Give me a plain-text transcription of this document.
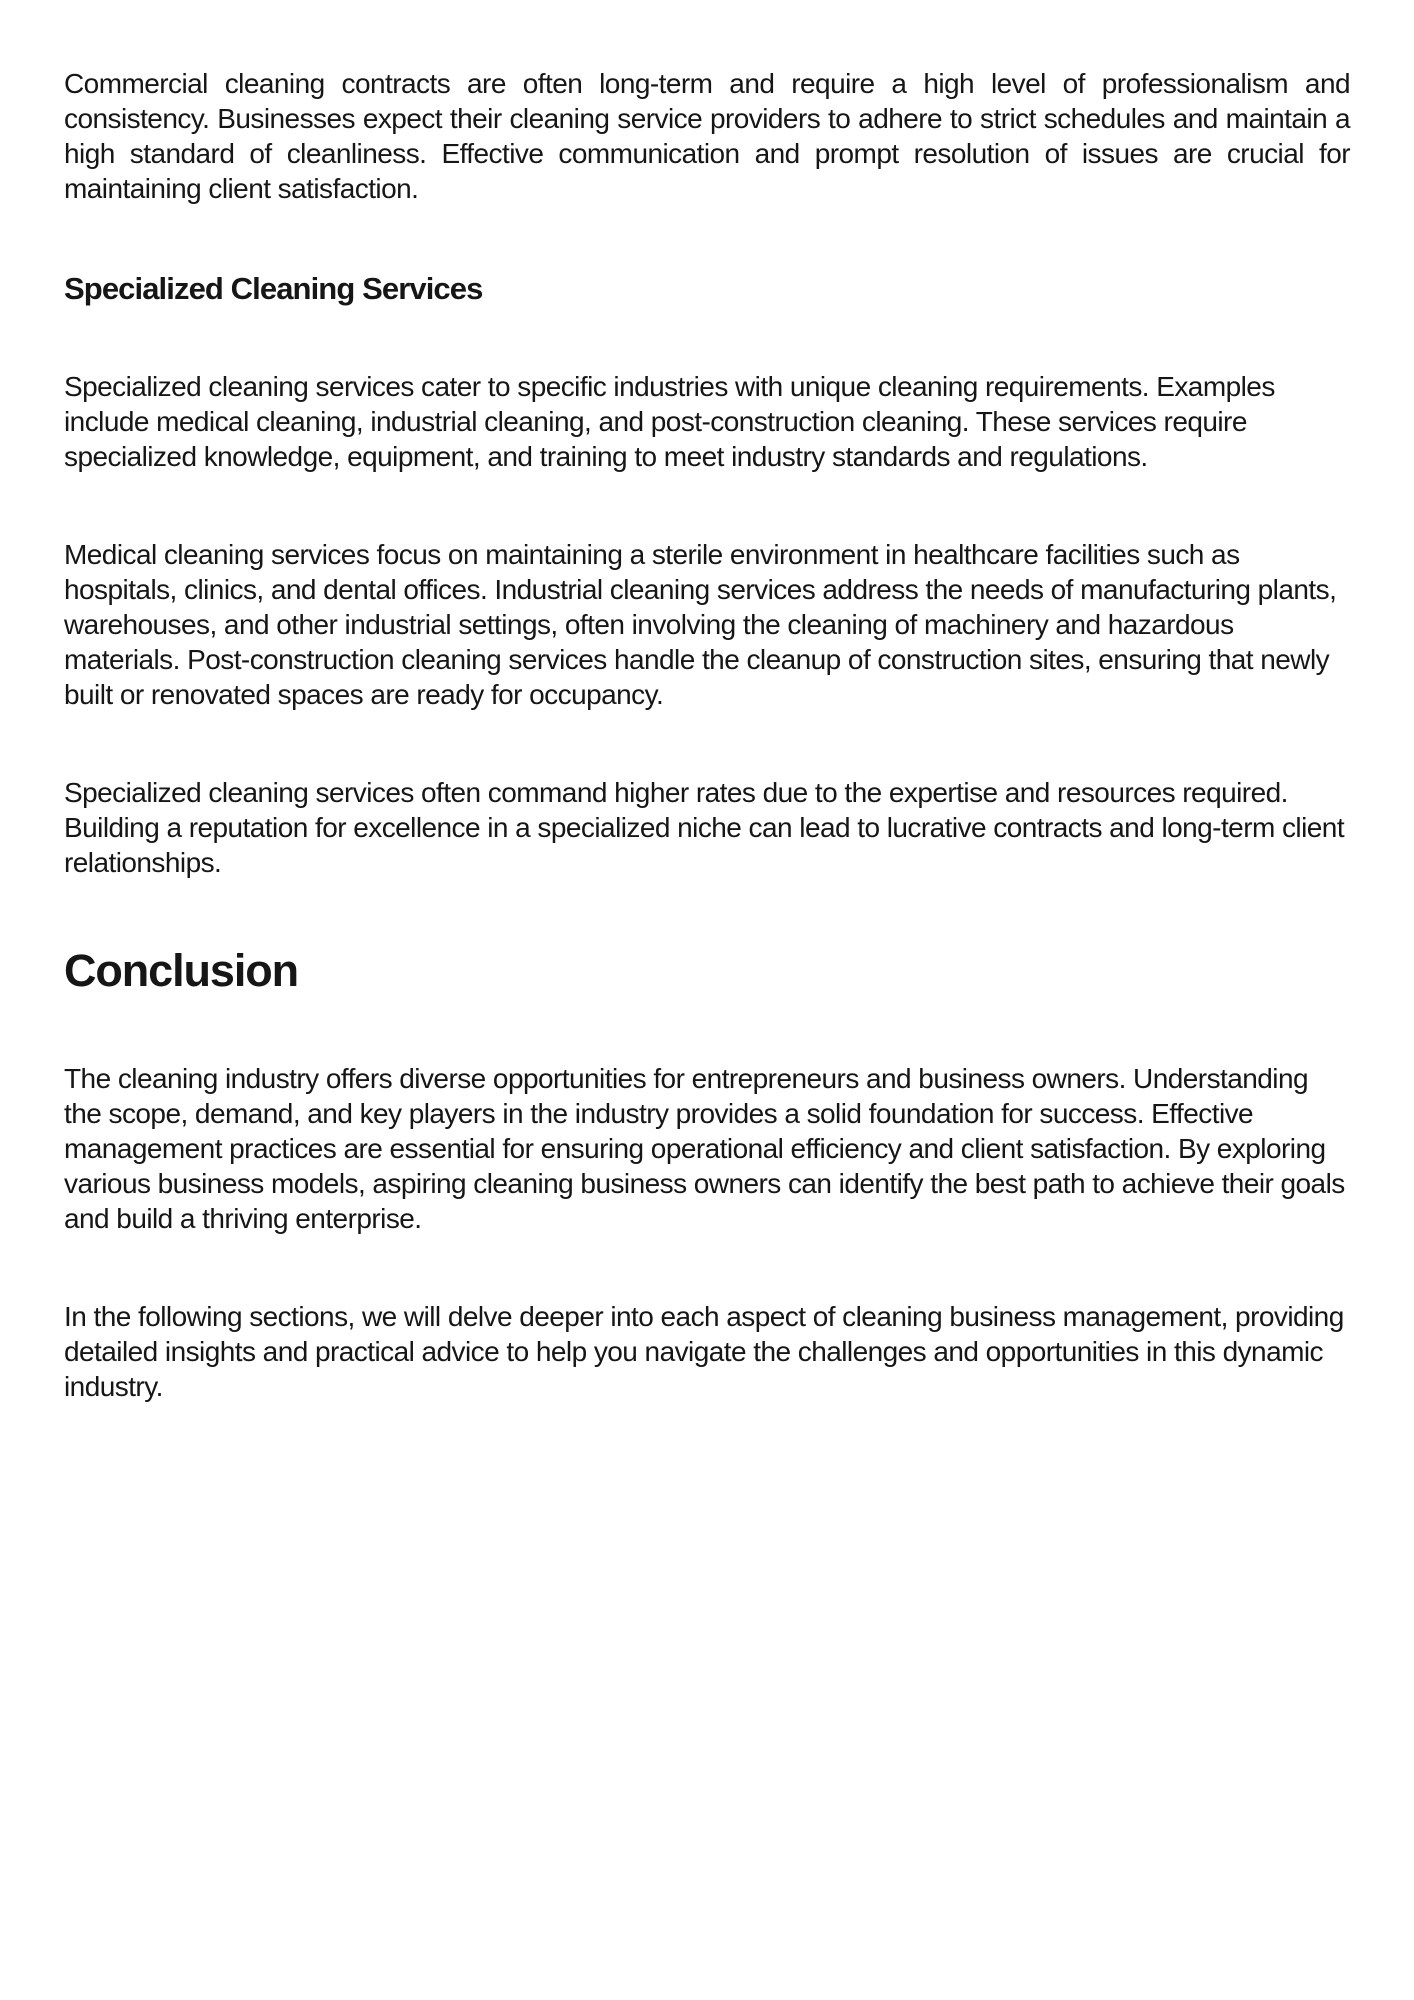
Commercial cleaning contracts are often long-term and require a high level of professionalism and consistency. Businesses expect their cleaning service providers to adhere to strict schedules and maintain a high standard of cleanliness. Effective communication and prompt resolution of issues are crucial for maintaining client satisfaction.

Specialized Cleaning Services

Specialized cleaning services cater to specific industries with unique cleaning requirements. Examples include medical cleaning, industrial cleaning, and post-construction cleaning. These services require specialized knowledge, equipment, and training to meet industry standards and regulations.

Medical cleaning services focus on maintaining a sterile environment in healthcare facilities such as hospitals, clinics, and dental offices. Industrial cleaning services address the needs of manufacturing plants, warehouses, and other industrial settings, often involving the cleaning of machinery and hazardous materials. Post-construction cleaning services handle the cleanup of construction sites, ensuring that newly built or renovated spaces are ready for occupancy.

Specialized cleaning services often command higher rates due to the expertise and resources required. Building a reputation for excellence in a specialized niche can lead to lucrative contracts and long-term client relationships.

Conclusion

The cleaning industry offers diverse opportunities for entrepreneurs and business owners. Understanding the scope, demand, and key players in the industry provides a solid foundation for success. Effective management practices are essential for ensuring operational efficiency and client satisfaction. By exploring various business models, aspiring cleaning business owners can identify the best path to achieve their goals and build a thriving enterprise.

In the following sections, we will delve deeper into each aspect of cleaning business management, providing detailed insights and practical advice to help you navigate the challenges and opportunities in this dynamic industry.
